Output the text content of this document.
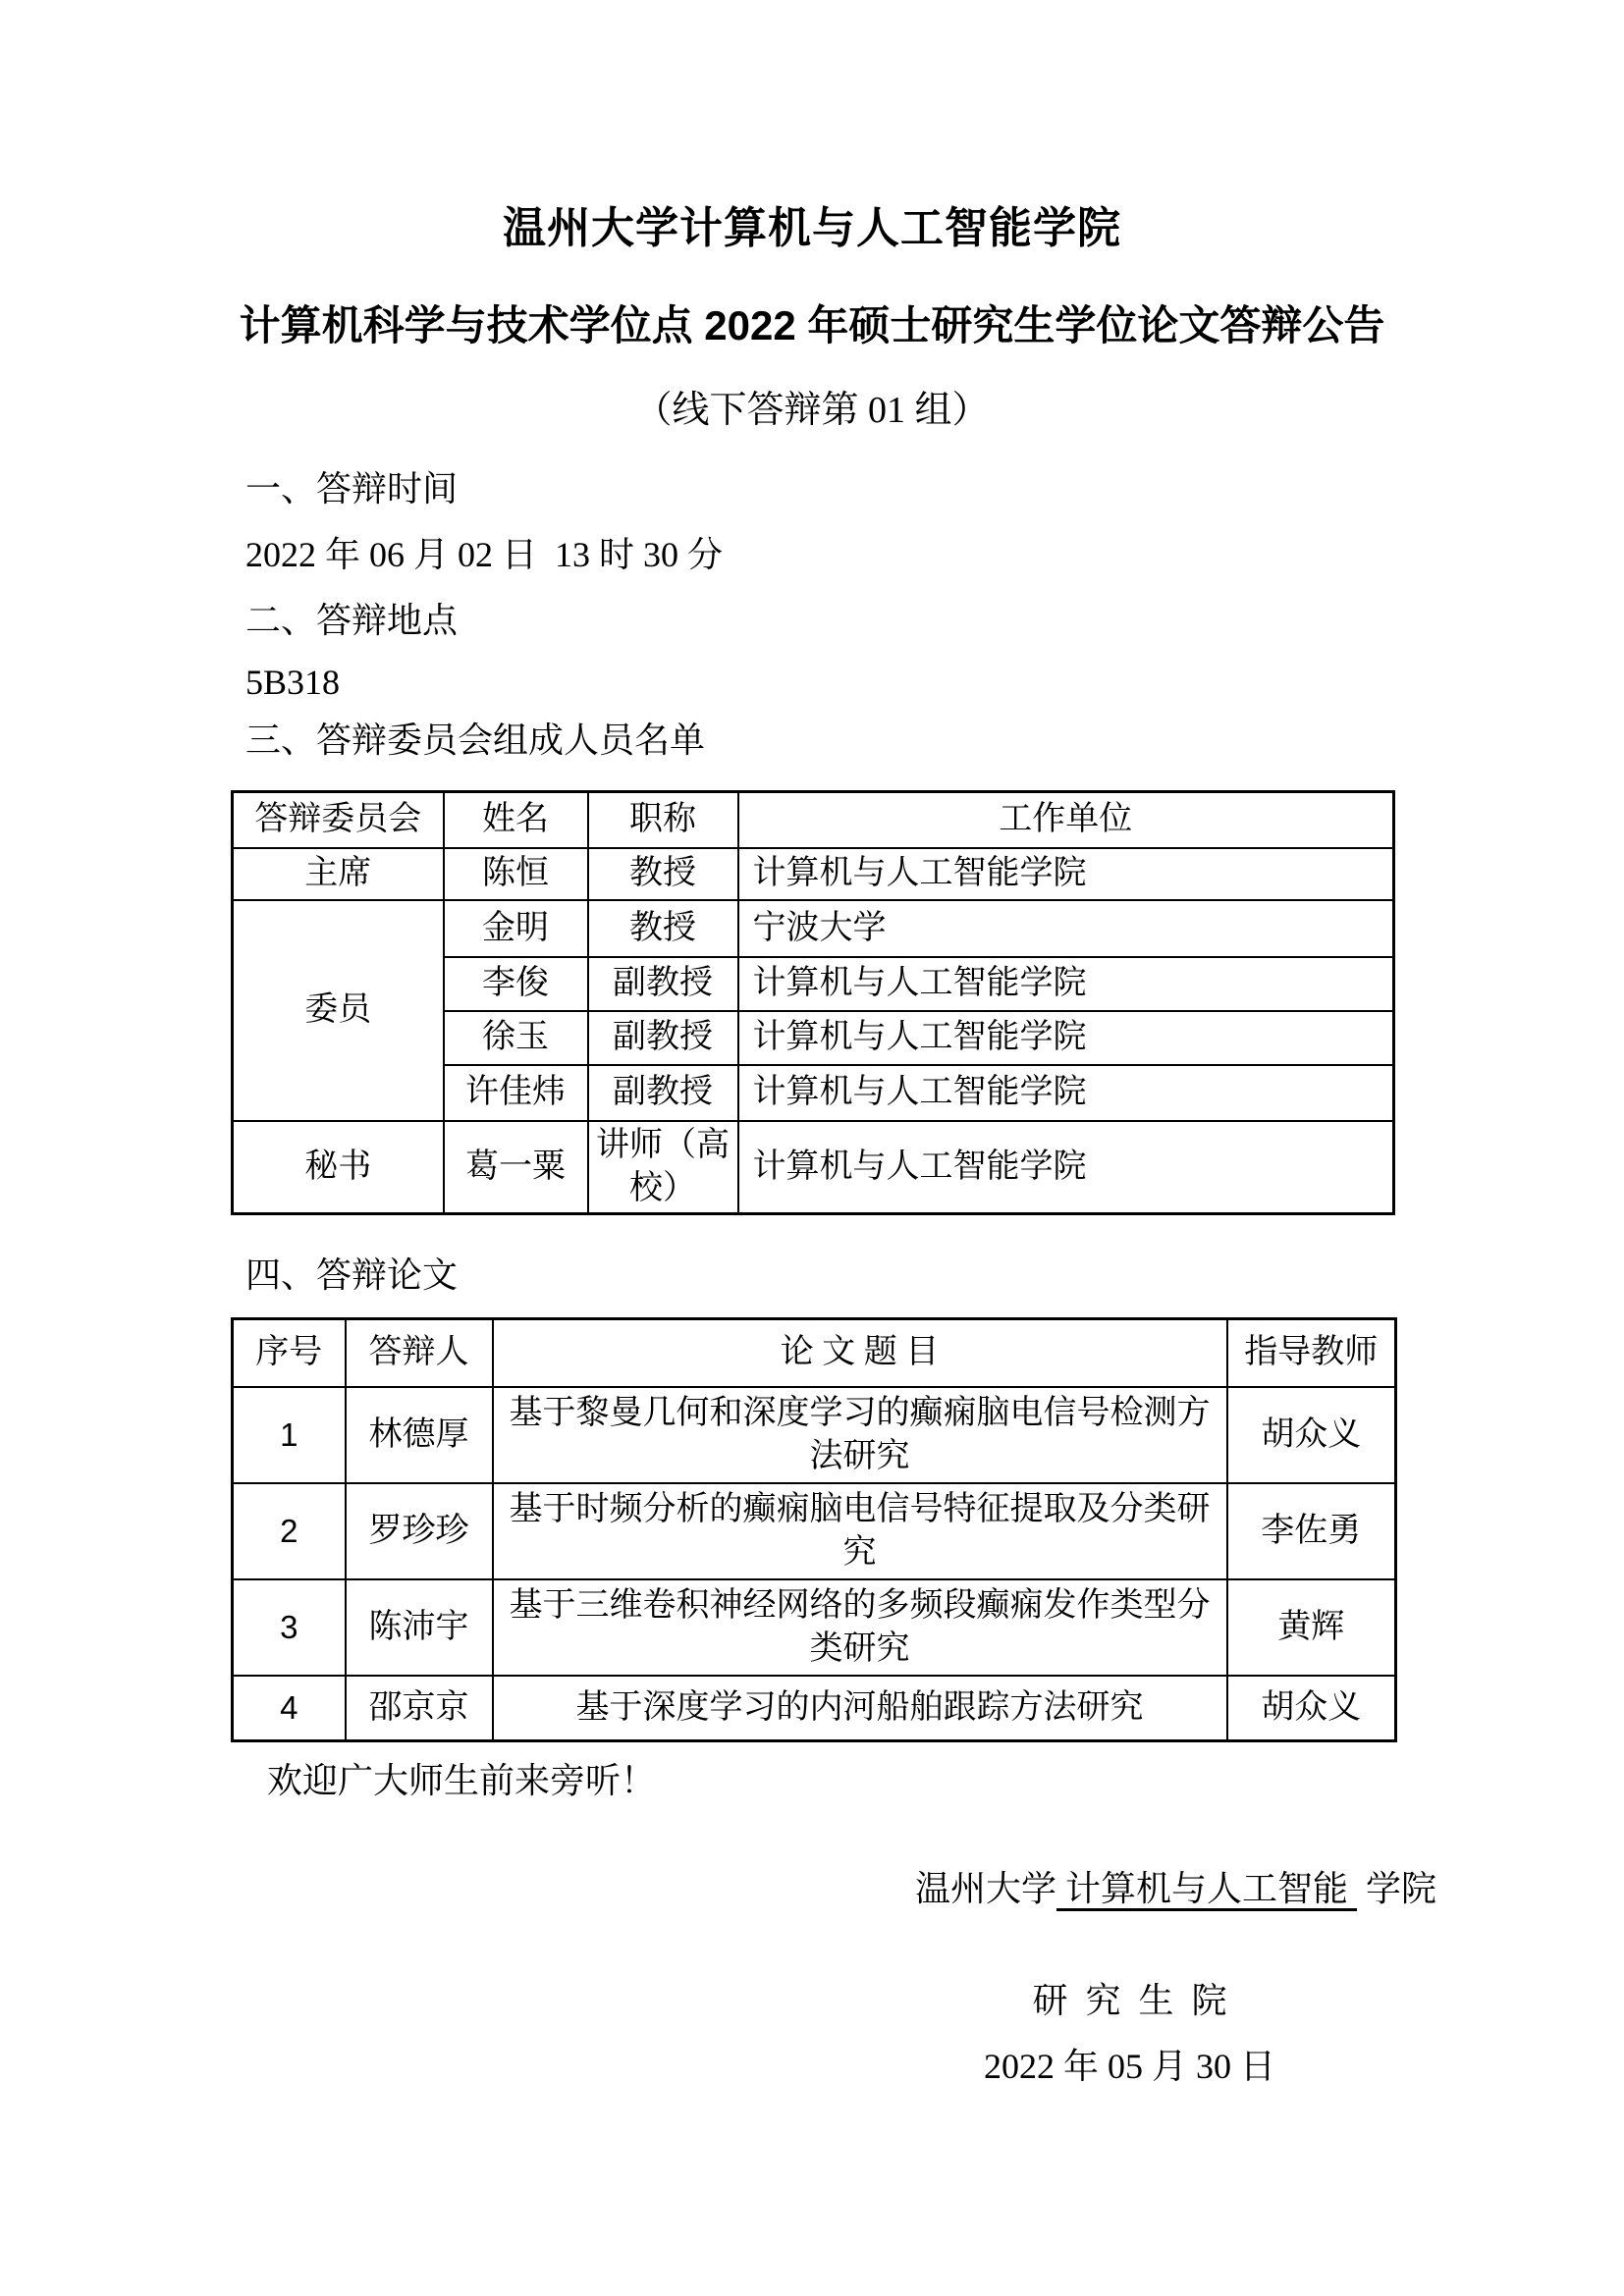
温州大学计算机与人工智能学院
计算机科学与技术学位点 2022 年硕士研究生学位论文答辩公告
（线下答辩第 01 组）
一、答辩时间
2022 年 06 月 02 日  13 时 30 分
二、答辩地点
5B318
三、答辩委员会组成人员名单
答辩委员会	姓名	职称	工作单位
主席	陈恒	教授	计算机与人工智能学院
委员	金明	教授	宁波大学
	李俊	副教授	计算机与人工智能学院
	徐玉	副教授	计算机与人工智能学院
	许佳炜	副教授	计算机与人工智能学院
秘书	葛一粟	讲师（高校）	计算机与人工智能学院
四、答辩论文
序号	答辩人	论 文 题 目	指导教师
1	林德厚	基于黎曼几何和深度学习的癫痫脑电信号检测方法研究	胡众义
2	罗珍珍	基于时频分析的癫痫脑电信号特征提取及分类研究	李佐勇
3	陈沛宇	基于三维卷积神经网络的多频段癫痫发作类型分类研究	黄辉
4	邵京京	基于深度学习的内河船舶跟踪方法研究	胡众义
欢迎广大师生前来旁听！

温州大学 计算机与人工智能  学院

研  究  生  院
2022 年 05 月 30 日
